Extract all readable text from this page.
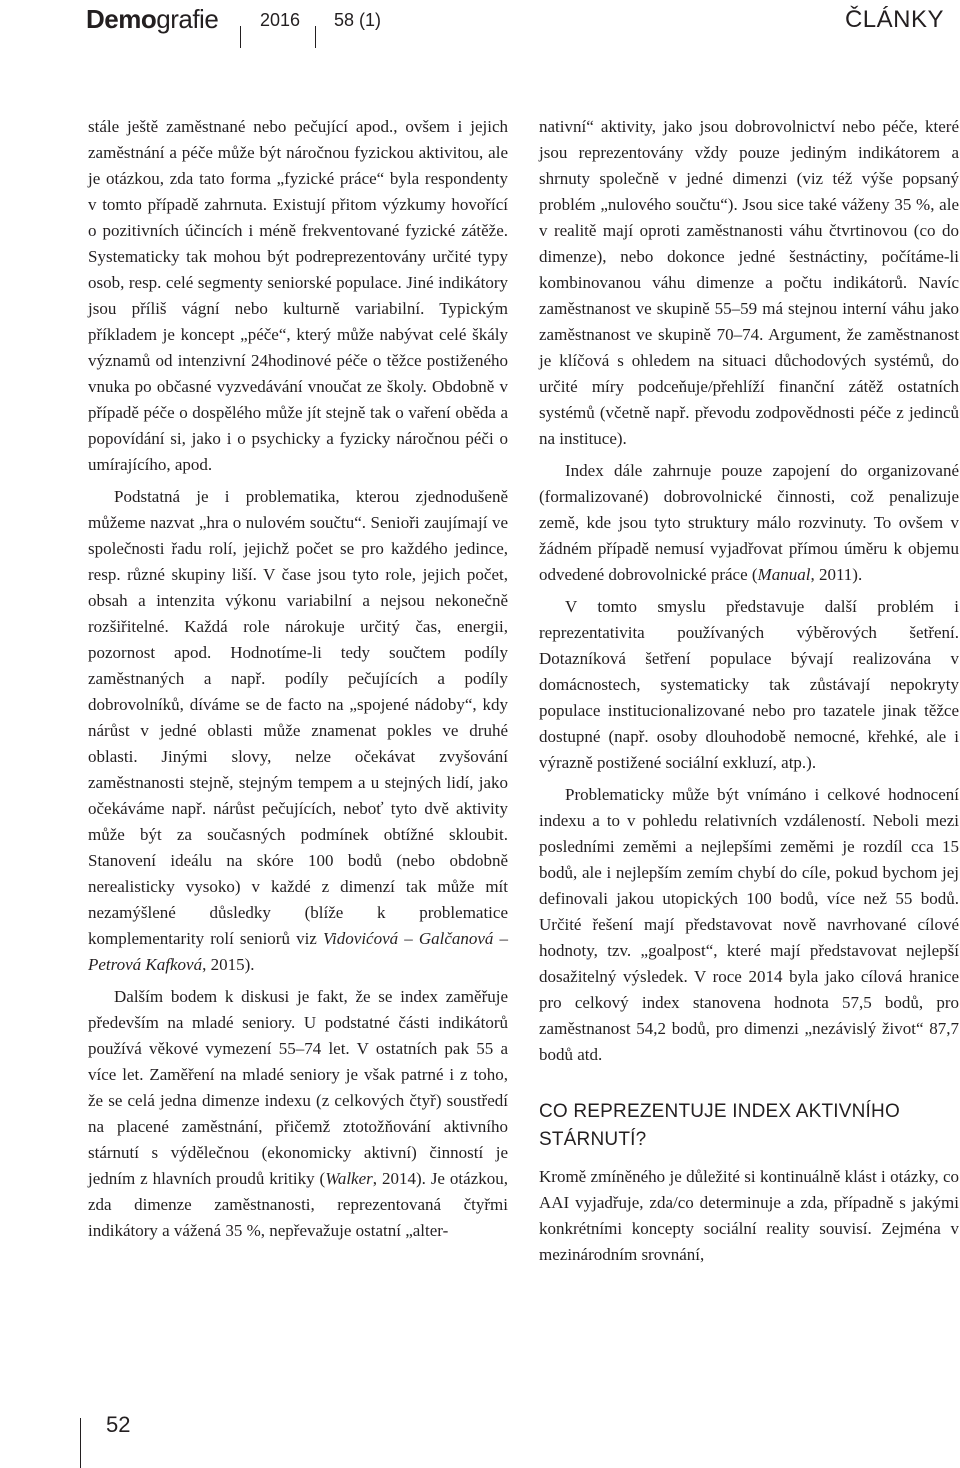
Demografie 2016 58 (1)	ČLÁNKY

stále ještě zaměstnané nebo pečující apod., ovšem i jejich zaměstnání a péče může být náročnou fyzickou aktivitou, ale je otázkou, zda tato forma „fyzické práce“ byla respondenty v tomto případě zahrnuta. Existují přitom výzkumy hovořící o pozitivních účincích i méně frekventované fyzické zátěže. Systematicky tak mohou být podreprezentovány určité typy osob, resp. celé segmenty seniorské populace. Jiné indikátory jsou příliš vágní nebo kulturně variabilní. Typickým příkladem je koncept „péče“, který může nabývat celé škály významů od intenzivní 24hodinové péče o těžce postiženého vnuka po občasné vyzvedávání vnoučat ze školy. Obdobně v případě péče o dospělého může jít stejně tak o vaření oběda a popovídání si, jako i o psychicky a fyzicky náročnou péči o umírajícího, apod.

Podstatná je i problematika, kterou zjednodušeně můžeme nazvat „hra o nulovém součtu“. Senioři zaujímají ve společnosti řadu rolí, jejichž počet se pro každého jedince, resp. různé skupiny liší. V čase jsou tyto role, jejich počet, obsah a intenzita výkonu variabilní a nejsou nekonečně rozšiřitelné. Každá role nárokuje určitý čas, energii, pozornost apod. Hodnotíme-li tedy součtem podíly zaměstnaných a např. podíly pečujících a podíly dobrovolníků, díváme se de facto na „spojené nádoby“, kdy nárůst v jedné oblasti může znamenat pokles ve druhé oblasti. Jinými slovy, nelze očekávat zvyšování zaměstnanosti stejně, stejným tempem a u stejných lidí, jako očekáváme např. nárůst pečujících, neboť tyto dvě aktivity může být za současných podmínek obtížné skloubit. Stanovení ideálu na skóre 100 bodů (nebo obdobně nerealisticky vysoko) v každé z dimenzí tak může mít nezamýšlené důsledky (blíže k problematice komplementarity rolí seniorů viz Vidovićová – Galčanová – Petrová Kafková, 2015).

Dalším bodem k diskusi je fakt, že se index zaměřuje především na mladé seniory. U podstatné části indikátorů používá věkové vymezení 55–74 let. V ostatních pak 55 a více let. Zaměření na mladé seniory je však patrné i z toho, že se celá jedna dimenze indexu (z celkových čtyř) soustředí na placené zaměstnání, přičemž ztotožňování aktivního stárnutí s výdělečnou (ekonomicky aktivní) činností je jedním z hlavních proudů kritiky (Walker, 2014). Je otázkou, zda dimenze zaměstnanosti, reprezentovaná čtyřmi indikátory a vážená 35 %, nepřevažuje ostatní „alter-

nativní“ aktivity, jako jsou dobrovolnictví nebo péče, které jsou reprezentovány vždy pouze jediným indikátorem a shrnuty společně v jedné dimenzi (viz též výše popsaný problém „nulového součtu“). Jsou sice také váženy 35 %, ale v realitě mají oproti zaměstnanosti váhu čtvrtinovou (co do dimenze), nebo dokonce jedné šestnáctiny, počítáme-li kombinovanou váhu dimenze a počtu indikátorů. Navíc zaměstnanost ve skupině 55–59 má stejnou interní váhu jako zaměstnanost ve skupině 70–74. Argument, že zaměstnanost je klíčová s ohledem na situaci důchodových systémů, do určité míry podceňuje/přehlíží finanční zátěž ostatních systémů (včetně např. převodu zodpovědnosti péče z jedinců na instituce).

Index dále zahrnuje pouze zapojení do organizované (formalizované) dobrovolnické činnosti, což penalizuje země, kde jsou tyto struktury málo rozvinuty. To ovšem v žádném případě nemusí vyjadřovat přímou úměru k objemu odvedené dobrovolnické práce (Manual, 2011).

V tomto smyslu představuje další problém i reprezentativita používaných výběrových šetření. Dotazníková šetření populace bývají realizována v domácnostech, systematicky tak zůstávají nepokryty populace institucionalizované nebo pro tazatele jinak těžce dostupné (např. osoby dlouhodobě nemocné, křehké, ale i výrazně postižené sociální exkluzí, atp.).

Problematicky může být vnímáno i celkové hodnocení indexu a to v pohledu relativních vzdáleností. Neboli mezi posledními zeměmi a nejlepšími zeměmi je rozdíl cca 15 bodů, ale i nejlepším zemím chybí do cíle, pokud bychom jej definovali jakou utopických 100 bodů, více než 55 bodů. Určité řešení mají představovat nově navrhované cílové hodnoty, tzv. „goalpost“, které mají představovat nejlepší dosažitelný výsledek. V roce 2014 byla jako cílová hranice pro celkový index stanovena hodnota 57,5 bodů, pro zaměstnanost 54,2 bodů, pro dimenzi „nezávislý život“ 87,7 bodů atd.

CO REPREZENTUJE INDEX AKTIVNÍHO STÁRNUTÍ?

Kromě zmíněného je důležité si kontinuálně klást i otázky, co AAI vyjadřuje, zda/co determinuje a zda, případně s jakými konkrétními koncepty sociální reality souvisí. Zejména v mezinárodním srovnání,

52
